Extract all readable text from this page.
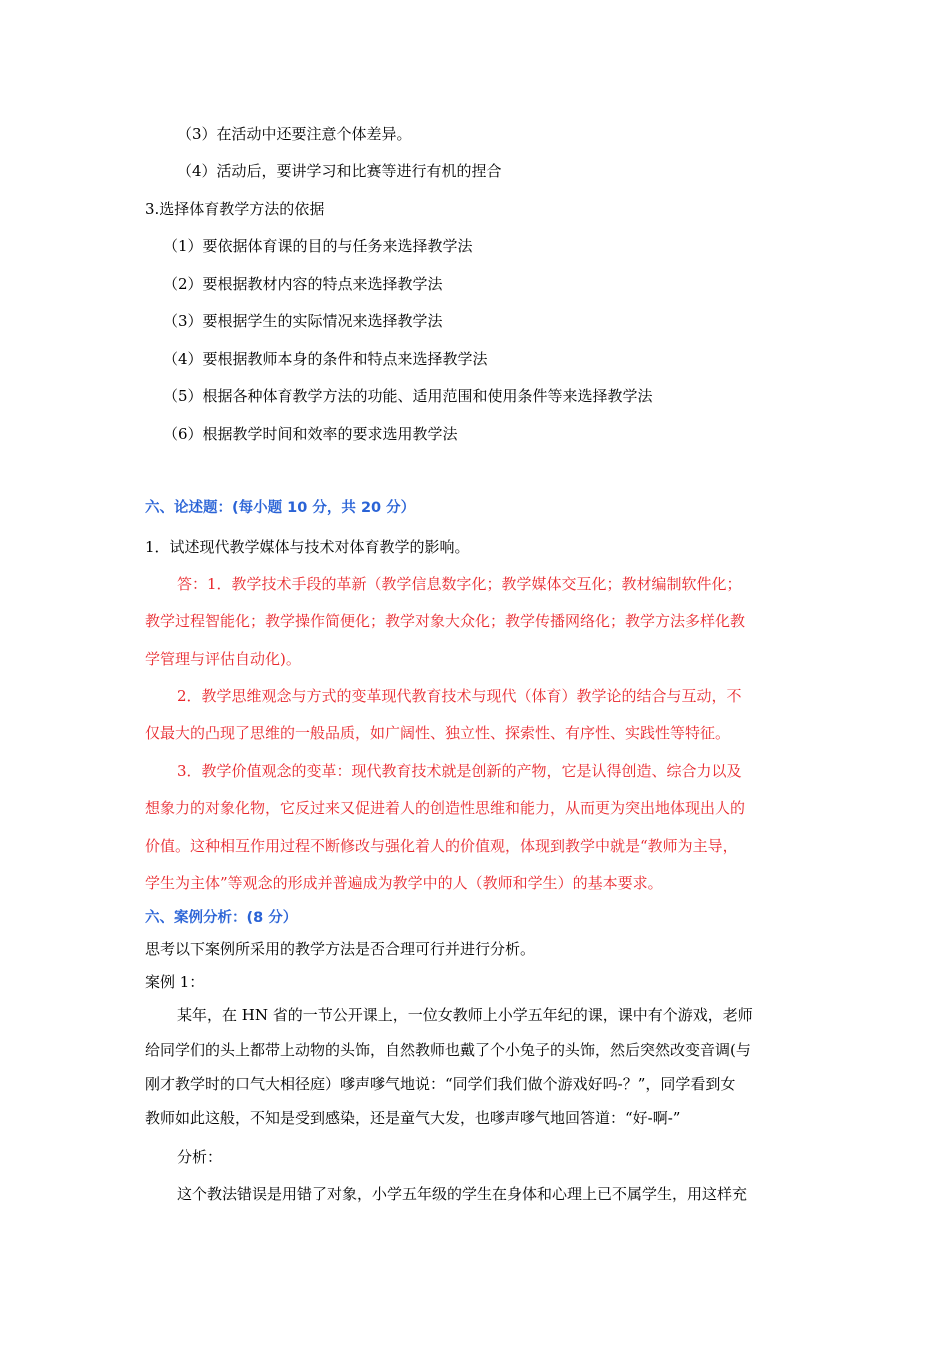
（3）在活动中还要注意个体差异。
（4）活动后，要讲学习和比赛等进行有机的捏合
3.选择体育教学方法的依据
（1）要依据体育课的目的与任务来选择教学法
（2）要根据教材内容的特点来选择教学法
（3）要根据学生的实际情况来选择教学法
（4）要根据教师本身的条件和特点来选择教学法
（5）根据各种体育教学方法的功能、适用范围和使用条件等来选择教学法
（6）根据教学时间和效率的要求选用教学法
六、论述题：(每小题 10 分，共 20 分）
1．试述现代教学媒体与技术对体育教学的影响。
答：1．教学技术手段的革新（教学信息数字化；教学媒体交互化；教材编制软件化；
教学过程智能化；教学操作简便化；教学对象大众化；教学传播网络化；教学方法多样化教
学管理与评估自动化)。
2．教学思维观念与方式的变革现代教育技术与现代（体育）教学论的结合与互动，不
仅最大的凸现了思维的一般品质，如广阔性、独立性、探索性、有序性、实践性等特征。
3．教学价值观念的变革：现代教育技术就是创新的产物，它是认得创造、综合力以及
想象力的对象化物，它反过来又促进着人的创造性思维和能力，从而更为突出地体现出人的
价值。这种相互作用过程不断修改与强化着人的价值观，体现到教学中就是“教师为主导，
学生为主体”等观念的形成并普遍成为教学中的人（教师和学生）的基本要求。
六、案例分析：(8 分）
思考以下案例所采用的教学方法是否合理可行并进行分析。
案例 1：
某年，在 HN 省的一节公开课上，一位女教师上小学五年纪的课，课中有个游戏，老师
给同学们的头上都带上动物的头饰，自然教师也戴了个小兔子的头饰，然后突然改变音调(与
刚才教学时的口气大相径庭）嗲声嗲气地说：“同学们我们做个游戏好吗-？”，同学看到女
教师如此这般，不知是受到感染，还是童气大发，也嗲声嗲气地回答道：“好-啊-”
分析：
这个教法错误是用错了对象，小学五年级的学生在身体和心理上已不属学生，用这样充
